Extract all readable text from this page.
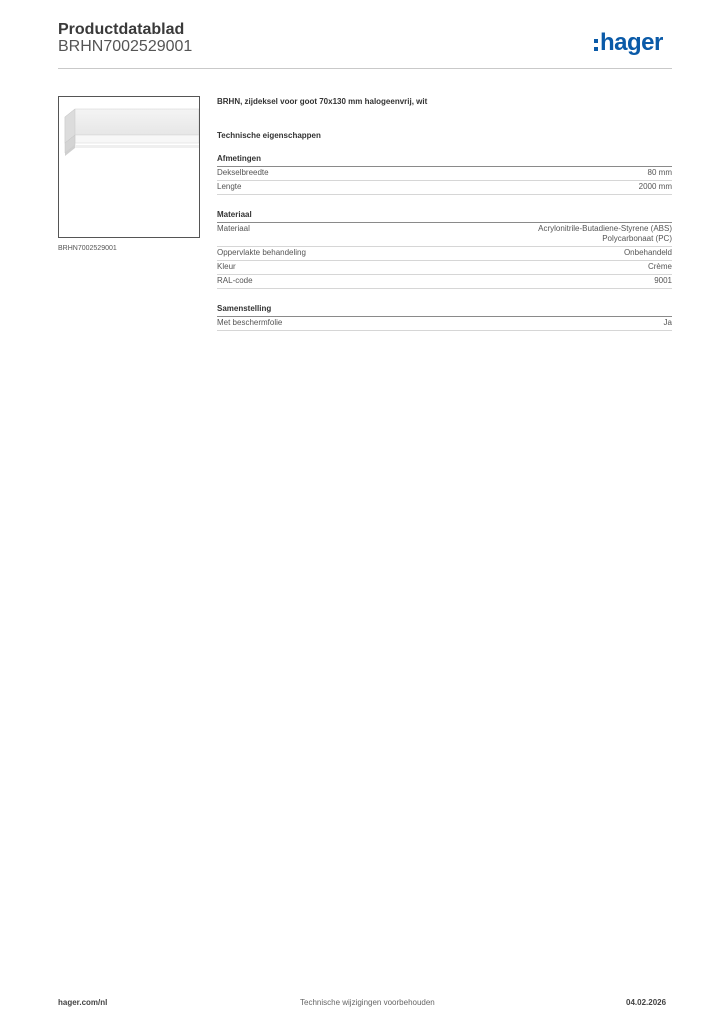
Productdatablad
BRHN7002529001	hager
BRHN7002529001
BRHN, zijdeksel voor goot 70x130 mm halogeenvrij, wit
Technische eigenschappen
Afmetingen
Dekselbreedte	80 mm
Lengte	2000 mm
Materiaal
Materiaal	Acrylonitrile-Butadiene-Styrene (ABS)
Polycarbonaat (PC)
Oppervlakte behandeling	Onbehandeld
Kleur	Crème
RAL-code	9001
Samenstelling
Met beschermfolie	Ja
hager.com/nl	Technische wijzigingen voorbehouden	04.02.2026
